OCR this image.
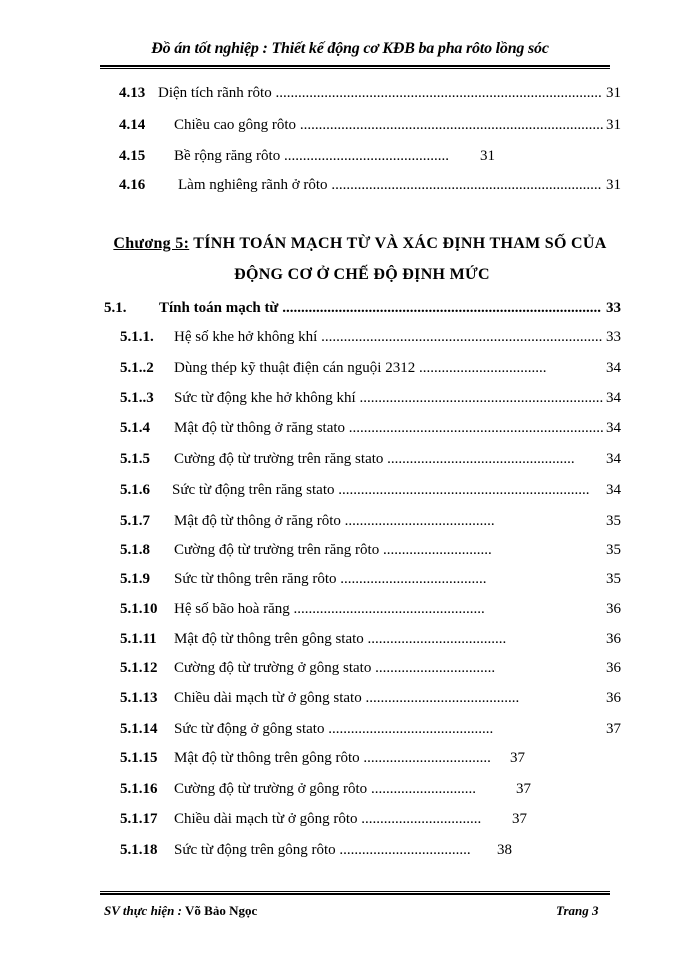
Đồ án tốt nghiệp : Thiết kế động cơ KĐB ba pha rôto lồng sóc
4.13 Diện tích rãnh rôto ....................................................................................... 31
4.14 Chiều cao gông rôto ................................................................................. 31
4.15 Bề rộng răng rôto ............................................ 31
4.16 Làm nghiêng rãnh ở rôto ........................................................................ 31
Chương 5: TÍNH TOÁN MẠCH TỪ VÀ XÁC ĐỊNH THAM SỐ CỦA
ĐỘNG CƠ Ở CHẾ ĐỘ ĐỊNH MỨC
5.1. Tính toán mạch từ ..................................................................................... 33
5.1.1. Hệ số khe hở không khí ........................................................................... 33
5.1..2 Dùng thép kỹ thuật điện cán nguội 2312 ..................................	34
5.1..3 Sức từ động khe hở không khí ................................................................. 34
5.1.4 Mật độ từ thông ở răng stato .................................................................... 34
5.1.5 Cường độ từ trường trên răng stato .................................................. 34
5.1.6 Sức từ động trên răng stato ................................................................... 34
5.1.7 Mật độ từ thông ở răng rôto ........................................	35
5.1.8 Cường độ từ trường trên răng rôto .............................	35
5.1.9 Sức từ thông trên răng rôto .......................................	35
5.1.10 Hệ số bão hoà răng ...................................................	36
5.1.11 Mật độ từ thông trên gông stato .....................................	36
5.1.12 Cường độ từ trường ở gông stato ................................	36
5.1.13 Chiều dài mạch từ ở gông stato .........................................	36
5.1.14 Sức từ động ở gông stato ............................................	37
5.1.15 Mật độ từ thông trên gông rôto .................................. 37
5.1.16 Cường độ từ trường ở gông rôto ............................	37
5.1.17 Chiều dài mạch từ ở gông rôto ................................ 37
5.1.18 Sức từ động trên gông rôto ................................... 38
SV thực hiện : Võ Bảo Ngọc	Trang 3
